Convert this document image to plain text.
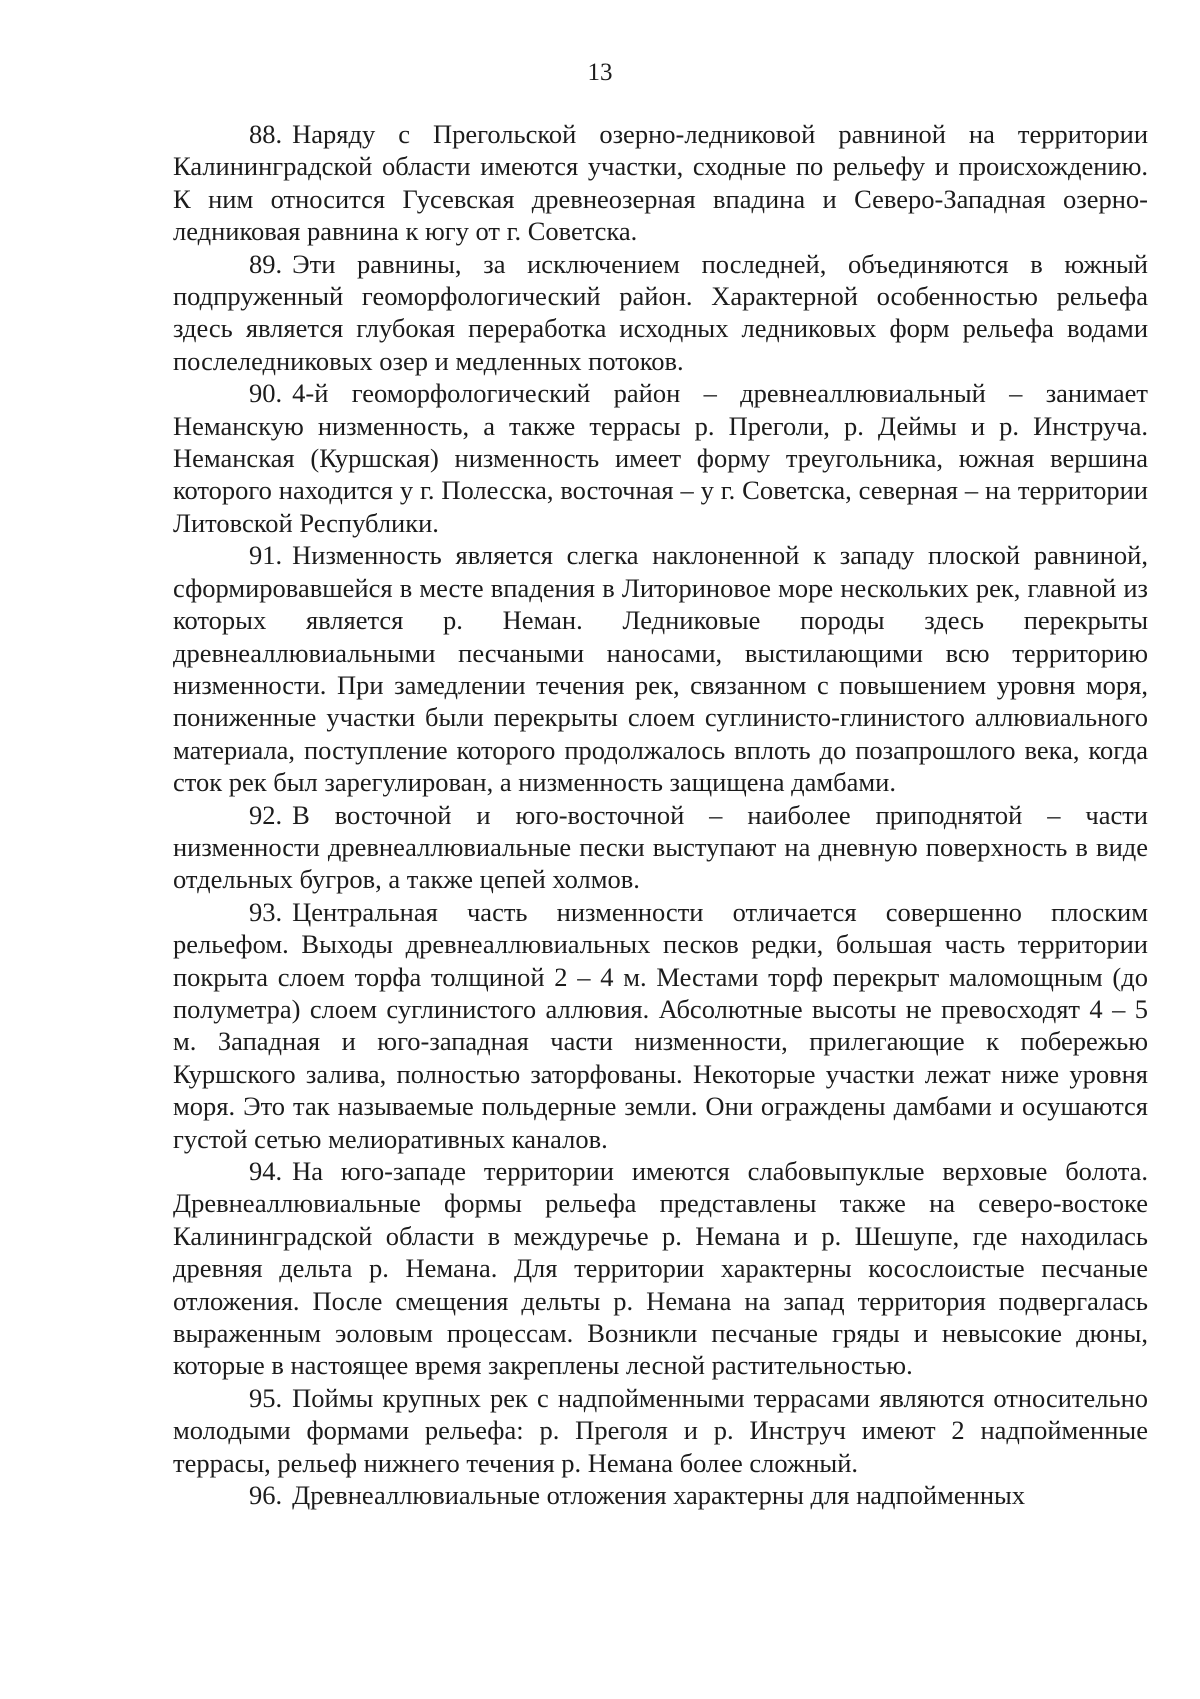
13

88. Наряду с Прегольской озерно-ледниковой равниной на территории Калининградской области имеются участки, сходные по рельефу и происхождению. К ним относится Гусевская древнеозерная впадина и Северо-Западная озерно-ледниковая равнина к югу от г. Советска.

89. Эти равнины, за исключением последней, объединяются в южный подпруженный геоморфологический район. Характерной особенностью рельефа здесь является глубокая переработка исходных ледниковых форм рельефа водами послеледниковых озер и медленных потоков.

90. 4-й геоморфологический район – древнеаллювиальный – занимает Неманскую низменность, а также террасы р. Преголи, р. Деймы и р. Инструча. Неманская (Куршская) низменность имеет форму треугольника, южная вершина которого находится у г. Полесска, восточная – у г. Советска, северная – на территории Литовской Республики.

91. Низменность является слегка наклоненной к западу плоской равниной, сформировавшейся в месте впадения в Литориновое море нескольких рек, главной из которых является р. Неман. Ледниковые породы здесь перекрыты древнеаллювиальными песчаными наносами, выстилающими всю территорию низменности. При замедлении течения рек, связанном с повышением уровня моря, пониженные участки были перекрыты слоем суглинисто-глинистого аллювиального материала, поступление которого продолжалось вплоть до позапрошлого века, когда сток рек был зарегулирован, а низменность защищена дамбами.

92. В восточной и юго-восточной – наиболее приподнятой – части низменности древнеаллювиальные пески выступают на дневную поверхность в виде отдельных бугров, а также цепей холмов.

93. Центральная часть низменности отличается совершенно плоским рельефом. Выходы древнеаллювиальных песков редки, большая часть территории покрыта слоем торфа толщиной 2 – 4 м. Местами торф перекрыт маломощным (до полуметра) слоем суглинистого аллювия. Абсолютные высоты не превосходят 4 – 5 м. Западная и юго-западная части низменности, прилегающие к побережью Куршского залива, полностью заторфованы. Некоторые участки лежат ниже уровня моря. Это так называемые польдерные земли. Они ограждены дамбами и осушаются густой сетью мелиоративных каналов.

94. На юго-западе территории имеются слабовыпуклые верховые болота. Древнеаллювиальные формы рельефа представлены также на северо-востоке Калининградской области в междуречье р. Немана и р. Шешупе, где находилась древняя дельта р. Немана. Для территории характерны косослоистые песчаные отложения. После смещения дельты р. Немана на запад территория подвергалась выраженным эоловым процессам. Возникли песчаные гряды и невысокие дюны, которые в настоящее время закреплены лесной растительностью.

95. Поймы крупных рек с надпойменными террасами являются относительно молодыми формами рельефа: р. Преголя и р. Инструч имеют 2 надпойменные террасы, рельеф нижнего течения р. Немана более сложный.

96. Древнеаллювиальные отложения характерны для надпойменных
